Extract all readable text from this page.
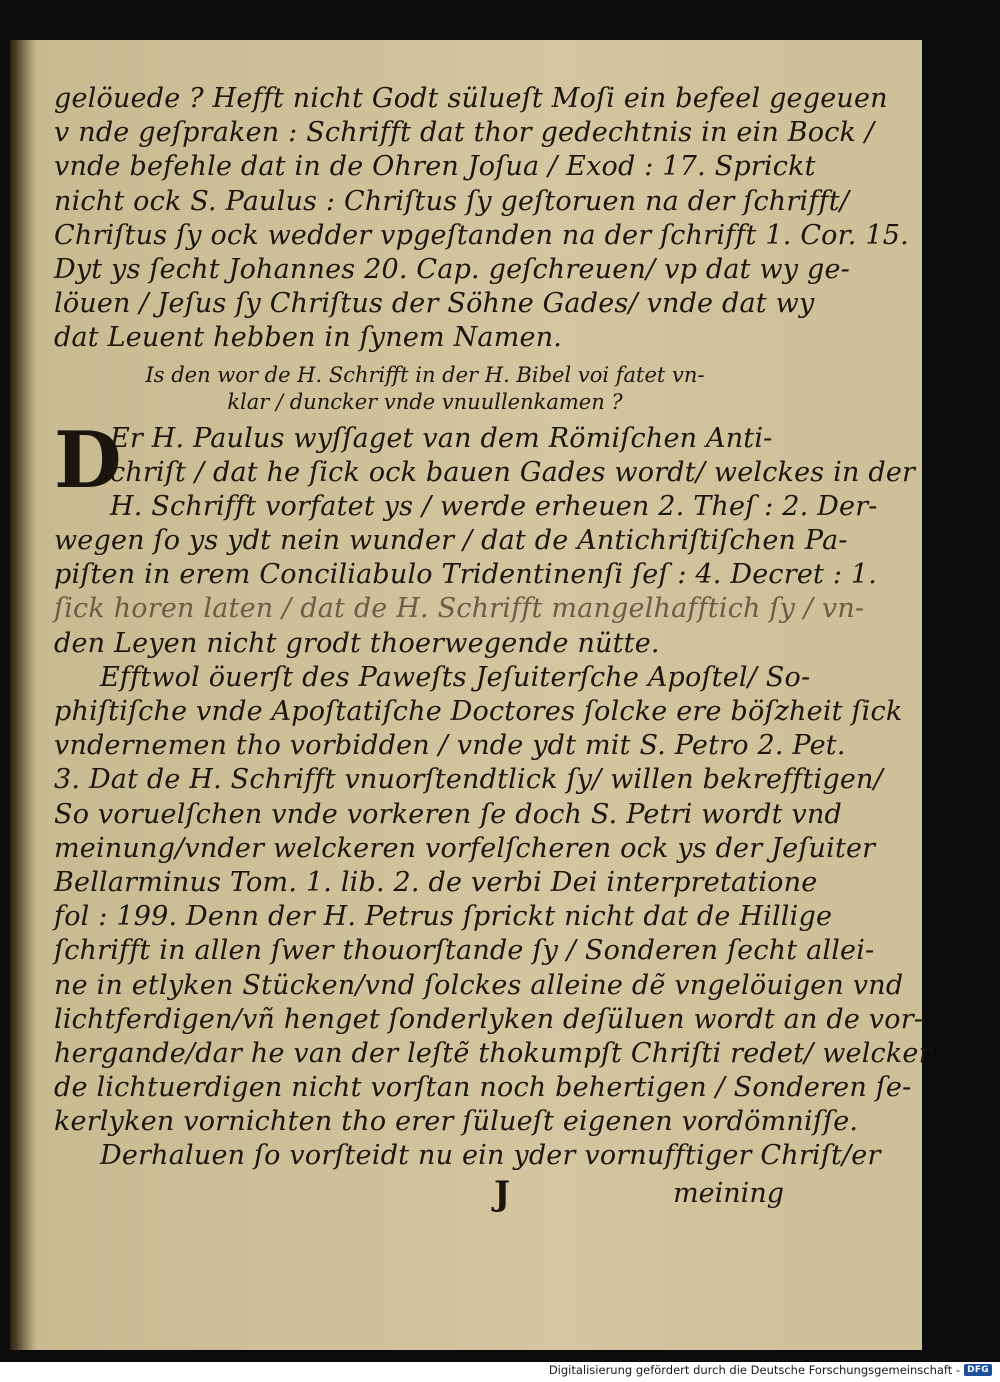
gelöuede ? Hefft nicht Godt sülueſt Moſi ein befeel gegeuen
v nde geſpraken : Schrifft dat thor gedechtnis in ein Bock /
vnde befehle dat in de Ohren Joſua / Exod : 17. Sprickt
nicht ock S. Paulus : Chriſtus ſy geſtoruen na der ſchrifft/
Chriſtus ſy ock wedder vpgeſtanden na der ſchrifft 1. Cor. 15.
Dyt ys ſecht Johannes 20. Cap. geſchreuen/ vp dat wy ge-
löuen / Jeſus ſy Chriſtus der Söhne Gades/ vnde dat wy
dat Leuent hebben in ſynem Namen.
Is den wor de H. Schrifft in der H. Bibel voi fatet vn-
klar / duncker vnde vnuullenkamen ?
D
Er H. Paulus wyſſaget van dem Römiſchen Anti-
chriſt / dat he ſick ock bauen Gades wordt/ welckes in der
H. Schrifft vorfatet ys / werde erheuen 2. Theſ : 2. Der-
wegen ſo ys ydt nein wunder / dat de Antichriſtiſchen Pa-
piſten in erem Conciliabulo Tridentinenſi ſeſ : 4. Decret : 1.
ſick horen laten / dat de H. Schrifft mangelhafftich ſy / vn-
den Leyen nicht grodt thoerwegende nütte.
Efftwol öuerſt des Paweſts Jeſuiterſche Apoſtel/ So-
phiſtiſche vnde Apoſtatiſche Doctores ſolcke ere böſzheit ſick
vndernemen tho vorbidden / vnde ydt mit S. Petro 2. Pet.
3. Dat de H. Schrifft vnuorſtendtlick ſy/ willen bekrefftigen/
So voruelſchen vnde vorkeren ſe doch S. Petri wordt vnd
meinung/vnder welckeren vorfelſcheren ock ys der Jeſuiter
Bellarminus Tom. 1. lib. 2. de verbi Dei interpretatione
fol : 199. Denn der H. Petrus ſprickt nicht dat de Hillige
ſchrifft in allen ſwer thouorſtande ſy / Sonderen ſecht allei-
ne in etlyken Stücken/vnd ſolckes alleine dẽ vngelöuigen vnd
lichtferdigen/vñ henget ſonderlyken deſüluen wordt an de vor-
hergande/dar he van der leſtẽ thokumpſt Chriſti redet/ welcker
de lichtuerdigen nicht vorſtan noch behertigen / Sonderen ſe-
kerlyken vornichten tho erer ſülueſt eigenen vordömniſſe.
Derhaluen ſo vorſteidt nu ein yder vornufftiger Chriſt/er
J	meining
Digitalisierung gefördert durch die Deutsche Forschungsgemeinschaft - DFG
